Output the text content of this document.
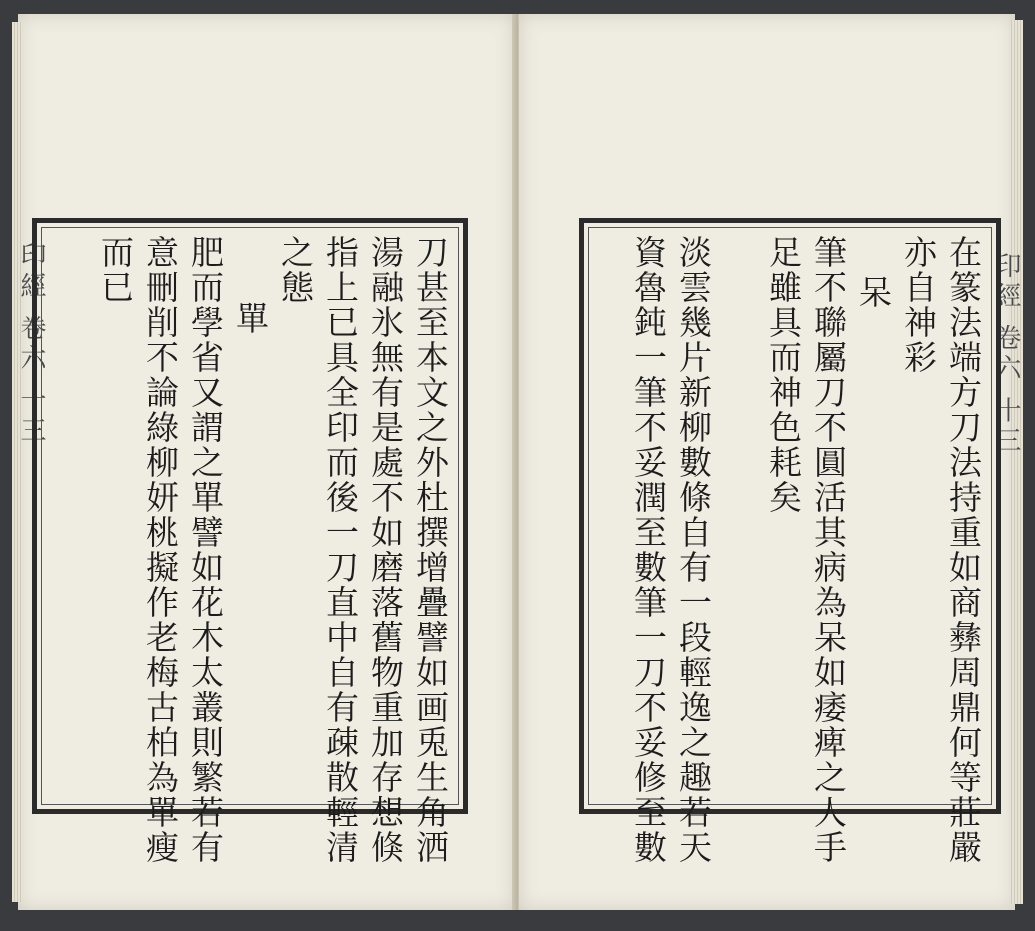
印經 卷六 十三	刀甚至本文之外杜撰增疊譬如画兎生角洒
湯融氷無有是處不如磨落舊物重加存想倏
指上已具全印而後一刀直中自有疎散輕清
之態
單
肥而學省又謂之單譬如花木太叢則繁若有
意刪削不論綠柳妍桃擬作老梅古柏為單瘦
而已	印經 卷六 十三
在篆法端方刀法持重如商彝周鼎何等莊嚴
亦自神彩
呆
筆不聯屬刀不圓活其病為呆如痿痺之人手
足雖具而神色耗矣
淡雲幾片新柳數條自有一段輕逸之趣若天
資魯鈍一筆不妥潤至數筆一刀不妥修至數
